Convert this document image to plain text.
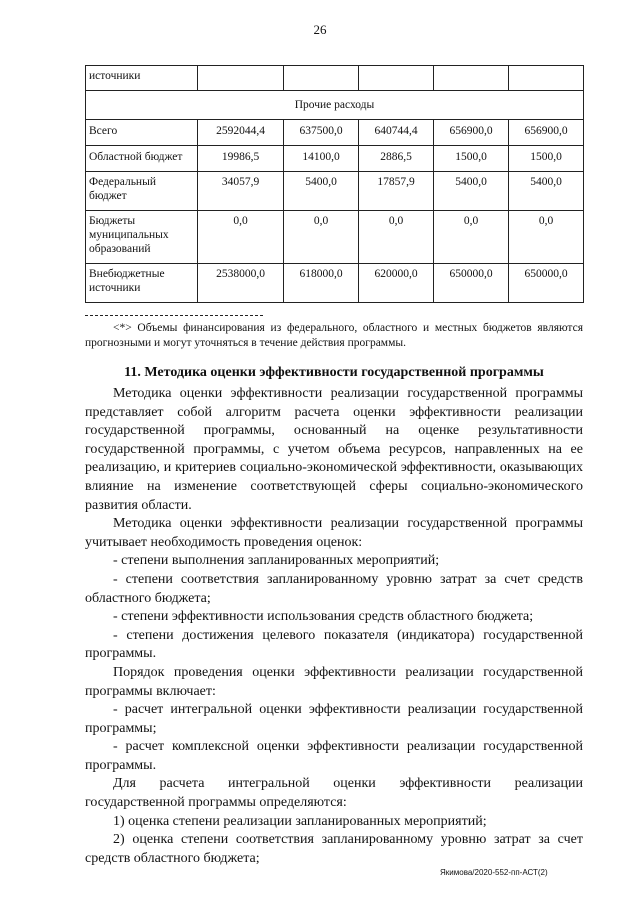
26
источники					
Прочие расходы					
Всего	2592044,4	637500,0	640744,4	656900,0	656900,0
Областной бюджет	19986,5	14100,0	2886,5	1500,0	1500,0
Федеральный бюджет	34057,9	5400,0	17857,9	5400,0	5400,0
Бюджеты муниципальных образований	0,0	0,0	0,0	0,0	0,0
Внебюджетные источники	2538000,0	618000,0	620000,0	650000,0	650000,0
<*> Объемы финансирования из федерального, областного и местных бюджетов являются прогнозными и могут уточняться в течение действия программы.
11. Методика оценки эффективности государственной программы

Методика оценки эффективности реализации государственной программы представляет собой алгоритм расчета оценки эффективности реализации государственной программы, основанный на оценке результативности государственной программы, с учетом объема ресурсов, направленных на ее реализацию, и критериев социально-экономической эффективности, оказывающих влияние на изменение соответствующей сферы социально-экономического развития области.

Методика оценки эффективности реализации государственной программы учитывает необходимость проведения оценок:

- степени выполнения запланированных мероприятий;

- степени соответствия запланированному уровню затрат за счет средств областного бюджета;

- степени эффективности использования средств областного бюджета;

- степени достижения целевого показателя (индикатора) государственной программы.

Порядок проведения оценки эффективности реализации государственной программы включает:

- расчет интегральной оценки эффективности реализации государственной программы;

- расчет комплексной оценки эффективности реализации государственной программы.

Для расчета интегральной оценки эффективности реализации государственной программы определяются:

1) оценка степени реализации запланированных мероприятий;

2) оценка степени соответствия запланированному уровню затрат за счет средств областного бюджета;

Якимова/2020-552-пп-АСТ(2)
